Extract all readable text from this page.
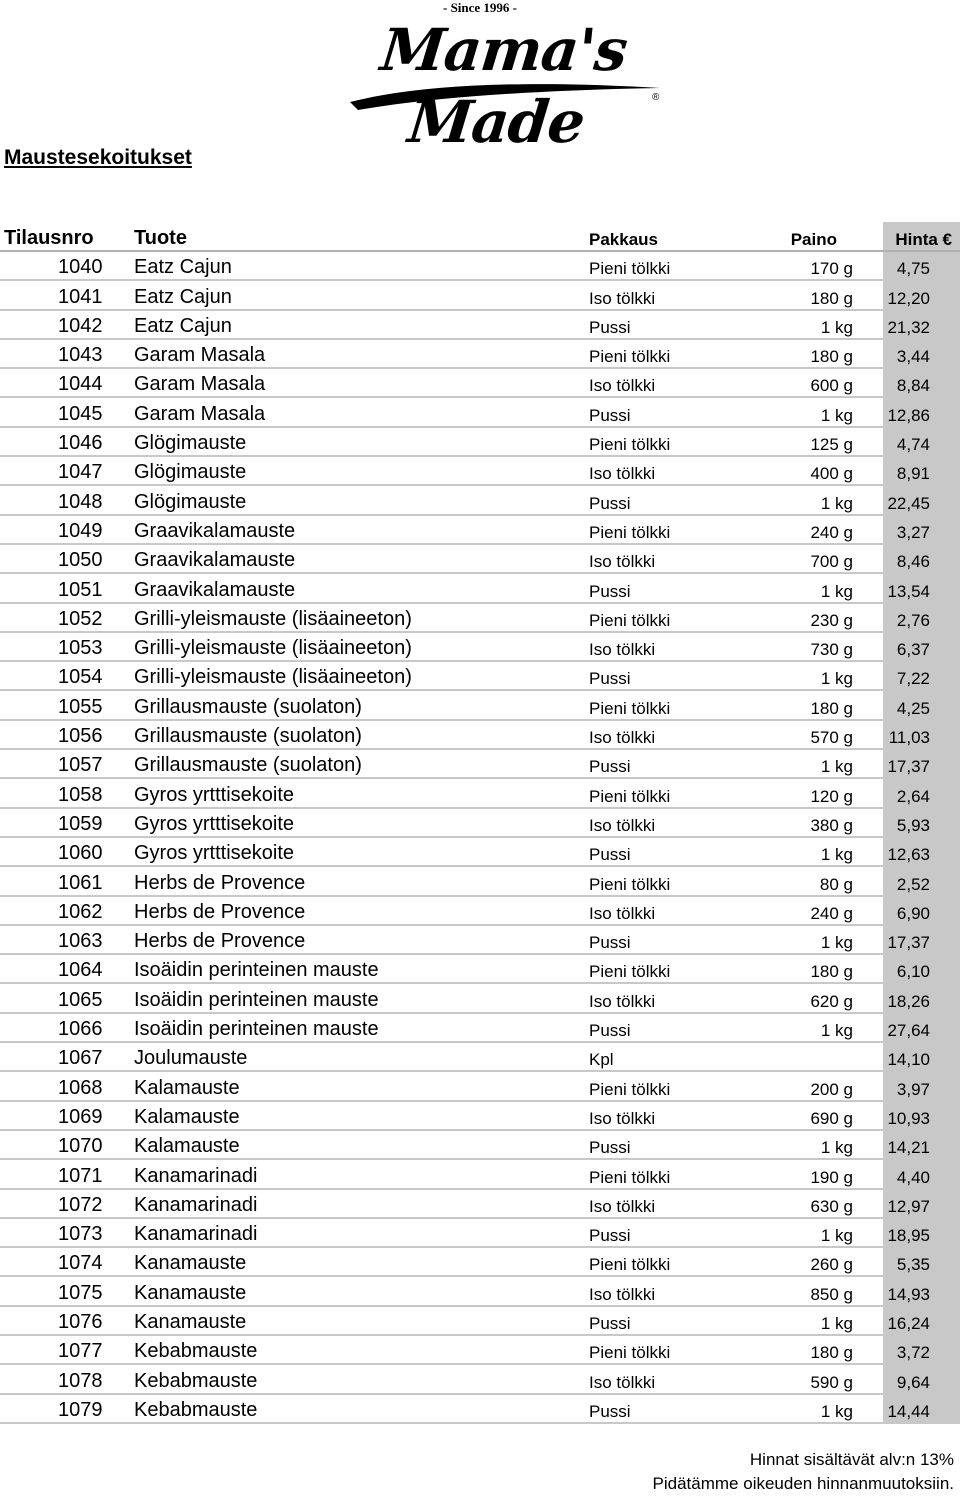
- Since 1996 -
Mama's Made	®
Maustesekoitukset
Tilausnro	Tuote	Pakkaus	Paino	Hinta €
1040	Eatz Cajun	Pieni tölkki	170 g	4,75
1041	Eatz Cajun	Iso tölkki	180 g	12,20
1042	Eatz Cajun	Pussi	1 kg	21,32
1043	Garam Masala	Pieni tölkki	180 g	3,44
1044	Garam Masala	Iso tölkki	600 g	8,84
1045	Garam Masala	Pussi	1 kg	12,86
1046	Glögimauste	Pieni tölkki	125 g	4,74
1047	Glögimauste	Iso tölkki	400 g	8,91
1048	Glögimauste	Pussi	1 kg	22,45
1049	Graavikalamauste	Pieni tölkki	240 g	3,27
1050	Graavikalamauste	Iso tölkki	700 g	8,46
1051	Graavikalamauste	Pussi	1 kg	13,54
1052	Grilli-yleismauste (lisäaineeton)	Pieni tölkki	230 g	2,76
1053	Grilli-yleismauste (lisäaineeton)	Iso tölkki	730 g	6,37
1054	Grilli-yleismauste (lisäaineeton)	Pussi	1 kg	7,22
1055	Grillausmauste (suolaton)	Pieni tölkki	180 g	4,25
1056	Grillausmauste (suolaton)	Iso tölkki	570 g	11,03
1057	Grillausmauste (suolaton)	Pussi	1 kg	17,37
1058	Gyros yrtttisekoite	Pieni tölkki	120 g	2,64
1059	Gyros yrtttisekoite	Iso tölkki	380 g	5,93
1060	Gyros yrtttisekoite	Pussi	1 kg	12,63
1061	Herbs de Provence	Pieni tölkki	80 g	2,52
1062	Herbs de Provence	Iso tölkki	240 g	6,90
1063	Herbs de Provence	Pussi	1 kg	17,37
1064	Isoäidin perinteinen mauste	Pieni tölkki	180 g	6,10
1065	Isoäidin perinteinen mauste	Iso tölkki	620 g	18,26
1066	Isoäidin perinteinen mauste	Pussi	1 kg	27,64
1067	Joulumauste	Kpl		14,10
1068	Kalamauste	Pieni tölkki	200 g	3,97
1069	Kalamauste	Iso tölkki	690 g	10,93
1070	Kalamauste	Pussi	1 kg	14,21
1071	Kanamarinadi	Pieni tölkki	190 g	4,40
1072	Kanamarinadi	Iso tölkki	630 g	12,97
1073	Kanamarinadi	Pussi	1 kg	18,95
1074	Kanamauste	Pieni tölkki	260 g	5,35
1075	Kanamauste	Iso tölkki	850 g	14,93
1076	Kanamauste	Pussi	1 kg	16,24
1077	Kebabmauste	Pieni tölkki	180 g	3,72
1078	Kebabmauste	Iso tölkki	590 g	9,64
1079	Kebabmauste	Pussi	1 kg	14,44
Hinnat sisältävät alv:n 13%
Pidätämme oikeuden hinnanmuutoksiin.
